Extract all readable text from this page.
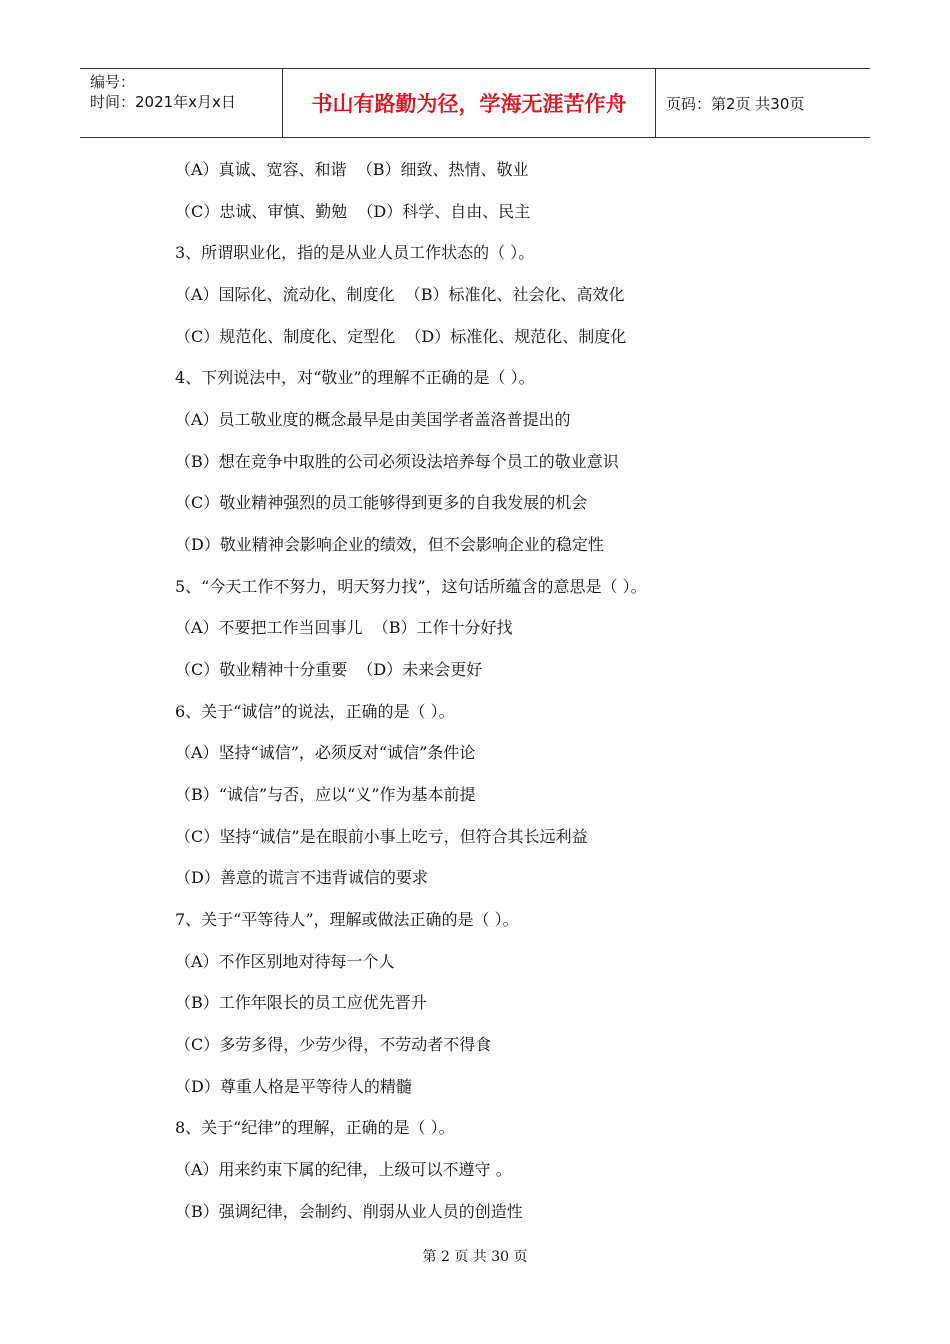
编号：
时间：2021年x月x日	书山有路勤为径，学海无涯苦作舟	页码：第2页 共30页
（A）真诚、宽容、和谐  （B）细致、热情、敬业
（C）忠诚、审慎、勤勉  （D）科学、自由、民主
3、所谓职业化，指的是从业人员工作状态的（ ）。
（A）国际化、流动化、制度化  （B）标准化、社会化、高效化
（C）规范化、制度化、定型化  （D）标准化、规范化、制度化
4、下列说法中，对“敬业”的理解不正确的是（ ）。
（A）员工敬业度的概念最早是由美国学者盖洛普提出的
（B）想在竞争中取胜的公司必须设法培养每个员工的敬业意识
（C）敬业精神强烈的员工能够得到更多的自我发展的机会
（D）敬业精神会影响企业的绩效，但不会影响企业的稳定性
5、“今天工作不努力，明天努力找”，这句话所蕴含的意思是（ ）。
（A）不要把工作当回事儿  （B）工作十分好找
（C）敬业精神十分重要  （D）未来会更好
6、关于“诚信”的说法，正确的是（ ）。
（A）坚持“诚信”，必须反对“诚信”条件论
（B）“诚信”与否，应以“义”作为基本前提
（C）坚持“诚信”是在眼前小事上吃亏，但符合其长远利益
（D）善意的谎言不违背诚信的要求
7、关于“平等待人”，理解或做法正确的是（ ）。
（A）不作区别地对待每一个人
（B）工作年限长的员工应优先晋升
（C）多劳多得，少劳少得，不劳动者不得食
（D）尊重人格是平等待人的精髓
8、关于“纪律”的理解，正确的是（ ）。
（A）用来约束下属的纪律，上级可以不遵守 。
（B）强调纪律，会制约、削弱从业人员的创造性
第 2 页 共 30 页
